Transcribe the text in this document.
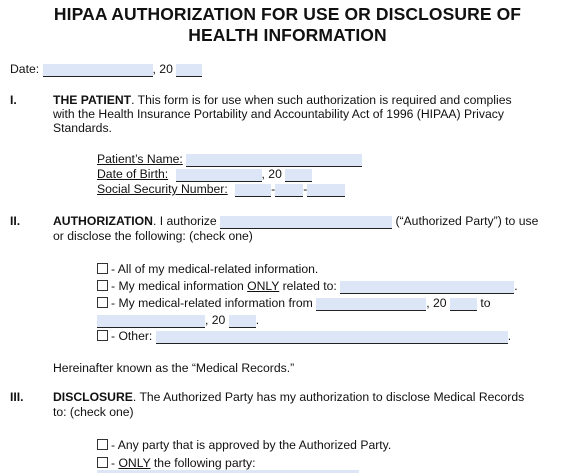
HIPAA AUTHORIZATION FOR USE OR DISCLOSURE OF
HEALTH INFORMATION
Date:	, 20
I.	THE PATIENT. This form is for use when such authorization is required and complies
with the Health Insurance Portability and Accountability Act of 1996 (HIPAA) Privacy
Standards.
Patient’s Name:
Date of Birth:	, 20
Social Security Number:	- -
II.	AUTHORIZATION. I authorize	(“Authorized Party”) to use
or disclose the following: (check one)
- All of my medical-related information.
- My medical information ONLY related to:	.
- My medical-related information from	, 20	to
, 20 .
- Other:	.
Hereinafter known as the “Medical Records.”
III. DISCLOSURE. The Authorized Party has my authorization to disclose Medical Records
to: (check one)
- Any party that is approved by the Authorized Party.
- ONLY the following party:
